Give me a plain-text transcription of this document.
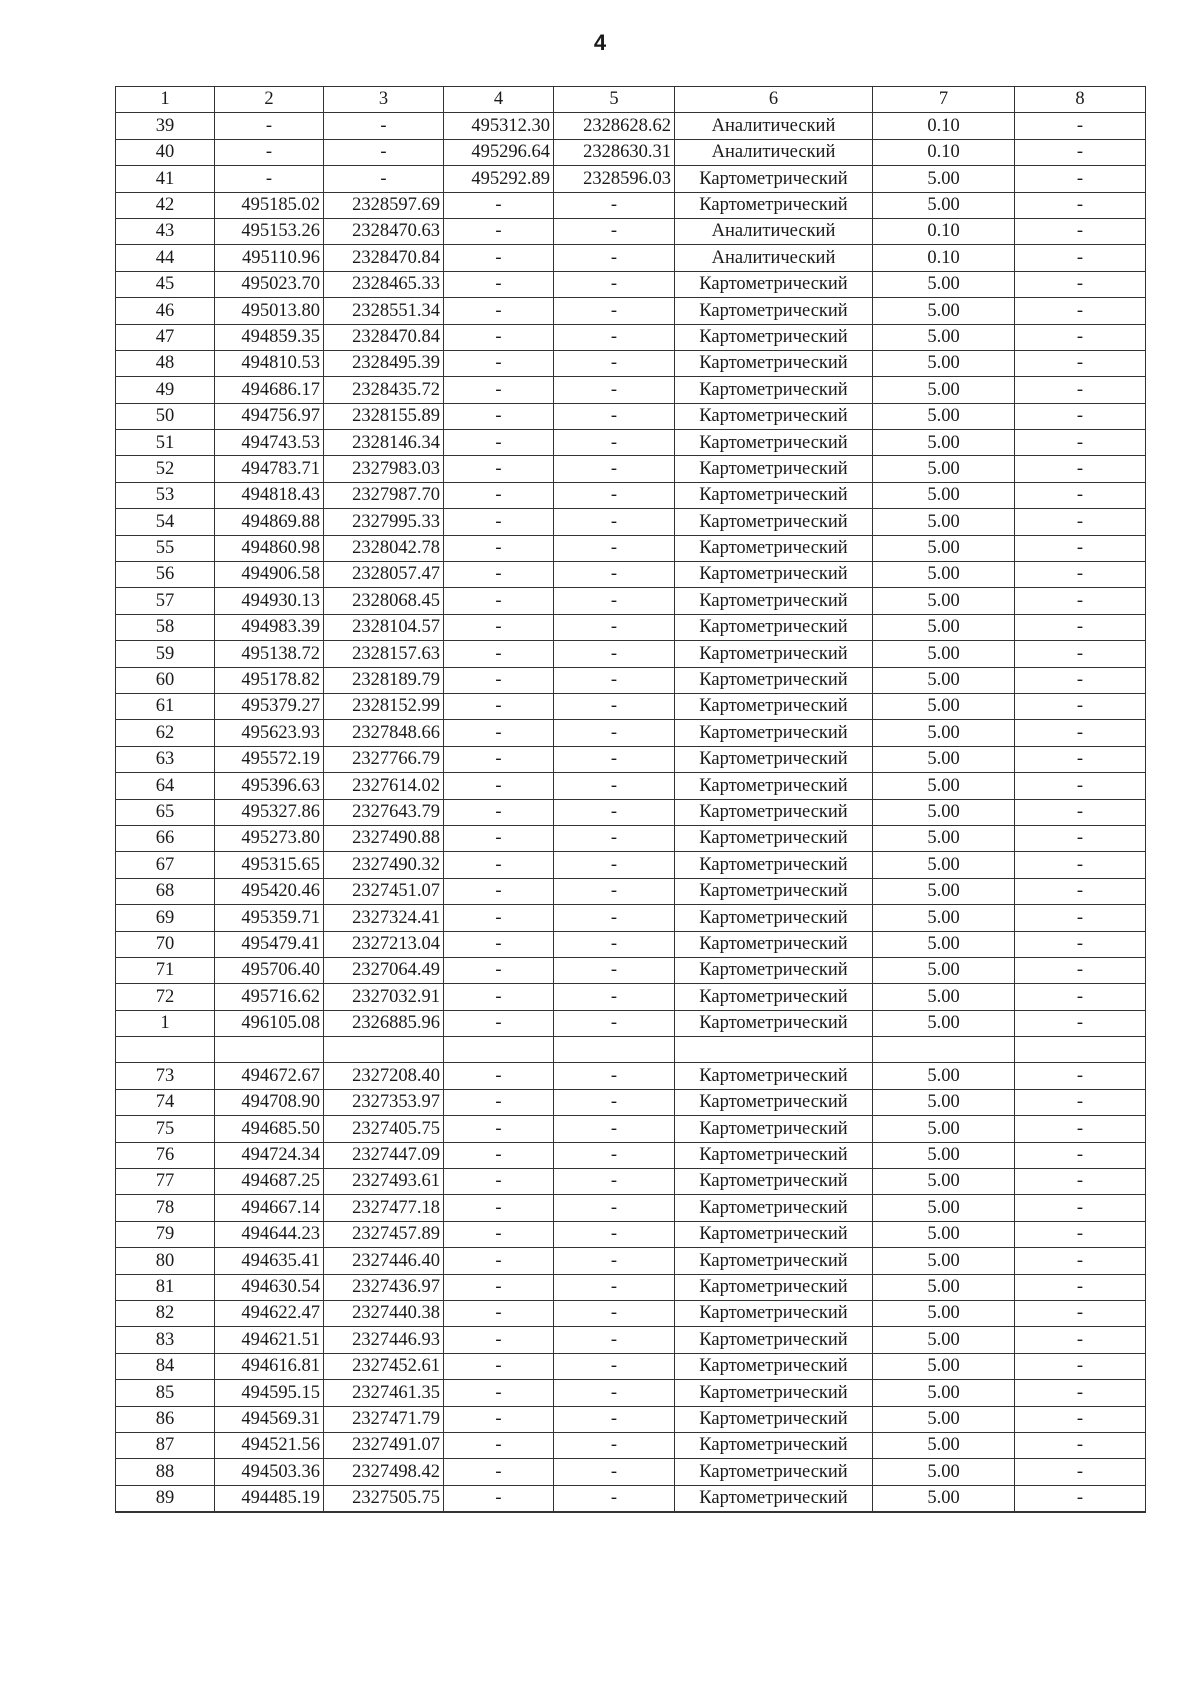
4
1	2	3	4	5	6	7	8
39	-	-	495312.30	2328628.62	Аналитический	0.10	-
40	-	-	495296.64	2328630.31	Аналитический	0.10	-
41	-	-	495292.89	2328596.03	Картометрический	5.00	-
42	495185.02	2328597.69	-	-	Картометрический	5.00	-
43	495153.26	2328470.63	-	-	Аналитический	0.10	-
44	495110.96	2328470.84	-	-	Аналитический	0.10	-
45	495023.70	2328465.33	-	-	Картометрический	5.00	-
46	495013.80	2328551.34	-	-	Картометрический	5.00	-
47	494859.35	2328470.84	-	-	Картометрический	5.00	-
48	494810.53	2328495.39	-	-	Картометрический	5.00	-
49	494686.17	2328435.72	-	-	Картометрический	5.00	-
50	494756.97	2328155.89	-	-	Картометрический	5.00	-
51	494743.53	2328146.34	-	-	Картометрический	5.00	-
52	494783.71	2327983.03	-	-	Картометрический	5.00	-
53	494818.43	2327987.70	-	-	Картометрический	5.00	-
54	494869.88	2327995.33	-	-	Картометрический	5.00	-
55	494860.98	2328042.78	-	-	Картометрический	5.00	-
56	494906.58	2328057.47	-	-	Картометрический	5.00	-
57	494930.13	2328068.45	-	-	Картометрический	5.00	-
58	494983.39	2328104.57	-	-	Картометрический	5.00	-
59	495138.72	2328157.63	-	-	Картометрический	5.00	-
60	495178.82	2328189.79	-	-	Картометрический	5.00	-
61	495379.27	2328152.99	-	-	Картометрический	5.00	-
62	495623.93	2327848.66	-	-	Картометрический	5.00	-
63	495572.19	2327766.79	-	-	Картометрический	5.00	-
64	495396.63	2327614.02	-	-	Картометрический	5.00	-
65	495327.86	2327643.79	-	-	Картометрический	5.00	-
66	495273.80	2327490.88	-	-	Картометрический	5.00	-
67	495315.65	2327490.32	-	-	Картометрический	5.00	-
68	495420.46	2327451.07	-	-	Картометрический	5.00	-
69	495359.71	2327324.41	-	-	Картометрический	5.00	-
70	495479.41	2327213.04	-	-	Картометрический	5.00	-
71	495706.40	2327064.49	-	-	Картометрический	5.00	-
72	495716.62	2327032.91	-	-	Картометрический	5.00	-
1	496105.08	2326885.96	-	-	Картометрический	5.00	-

73	494672.67	2327208.40	-	-	Картометрический	5.00	-
74	494708.90	2327353.97	-	-	Картометрический	5.00	-
75	494685.50	2327405.75	-	-	Картометрический	5.00	-
76	494724.34	2327447.09	-	-	Картометрический	5.00	-
77	494687.25	2327493.61	-	-	Картометрический	5.00	-
78	494667.14	2327477.18	-	-	Картометрический	5.00	-
79	494644.23	2327457.89	-	-	Картометрический	5.00	-
80	494635.41	2327446.40	-	-	Картометрический	5.00	-
81	494630.54	2327436.97	-	-	Картометрический	5.00	-
82	494622.47	2327440.38	-	-	Картометрический	5.00	-
83	494621.51	2327446.93	-	-	Картометрический	5.00	-
84	494616.81	2327452.61	-	-	Картометрический	5.00	-
85	494595.15	2327461.35	-	-	Картометрический	5.00	-
86	494569.31	2327471.79	-	-	Картометрический	5.00	-
87	494521.56	2327491.07	-	-	Картометрический	5.00	-
88	494503.36	2327498.42	-	-	Картометрический	5.00	-
89	494485.19	2327505.75	-	-	Картометрический	5.00	-
